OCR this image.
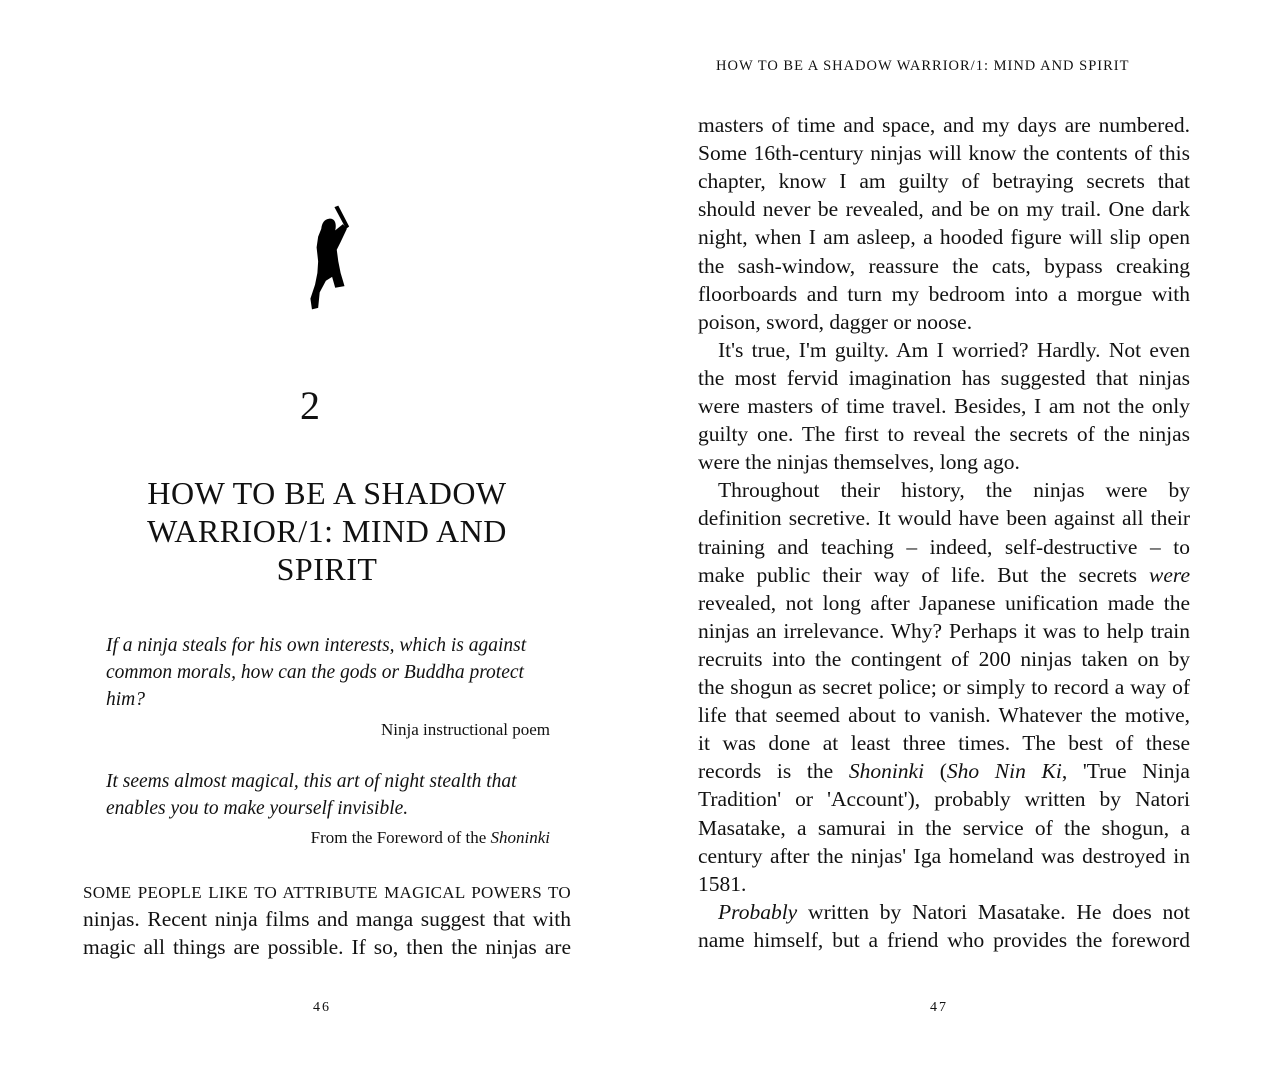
2
HOW TO BE A SHADOW
WARRIOR/1: MIND AND
SPIRIT
If a ninja steals for his own interests, which is against
common morals, how can the gods or Buddha protect
him?
Ninja instructional poem
It seems almost magical, this art of night stealth that
enables you to make yourself invisible.
From the Foreword of the Shoninki
SOME PEOPLE LIKE TO ATTRIBUTE MAGICAL POWERS TO
ninjas. Recent ninja films and manga suggest that with
magic all things are possible. If so, then the ninjas are
46
HOW TO BE A SHADOW WARRIOR/1: MIND AND SPIRIT
masters of time and space, and my days are numbered.
Some 16th-century ninjas will know the contents of this
chapter, know I am guilty of betraying secrets that
should never be revealed, and be on my trail. One dark
night, when I am asleep, a hooded figure will slip open
the sash-window, reassure the cats, bypass creaking
floorboards and turn my bedroom into a morgue with
poison, sword, dagger or noose.
It's true, I'm guilty. Am I worried? Hardly. Not even
the most fervid imagination has suggested that ninjas
were masters of time travel. Besides, I am not the only
guilty one. The first to reveal the secrets of the ninjas
were the ninjas themselves, long ago.
Throughout their history, the ninjas were by
definition secretive. It would have been against all their
training and teaching – indeed, self-destructive – to
make public their way of life. But the secrets were
revealed, not long after Japanese unification made the
ninjas an irrelevance. Why? Perhaps it was to help train
recruits into the contingent of 200 ninjas taken on by
the shogun as secret police; or simply to record a way of
life that seemed about to vanish. Whatever the motive,
it was done at least three times. The best of these
records is the Shoninki (Sho Nin Ki, 'True Ninja
Tradition' or 'Account'), probably written by Natori
Masatake, a samurai in the service of the shogun, a
century after the ninjas' Iga homeland was destroyed in
1581.
Probably written by Natori Masatake. He does not
name himself, but a friend who provides the foreword
47
